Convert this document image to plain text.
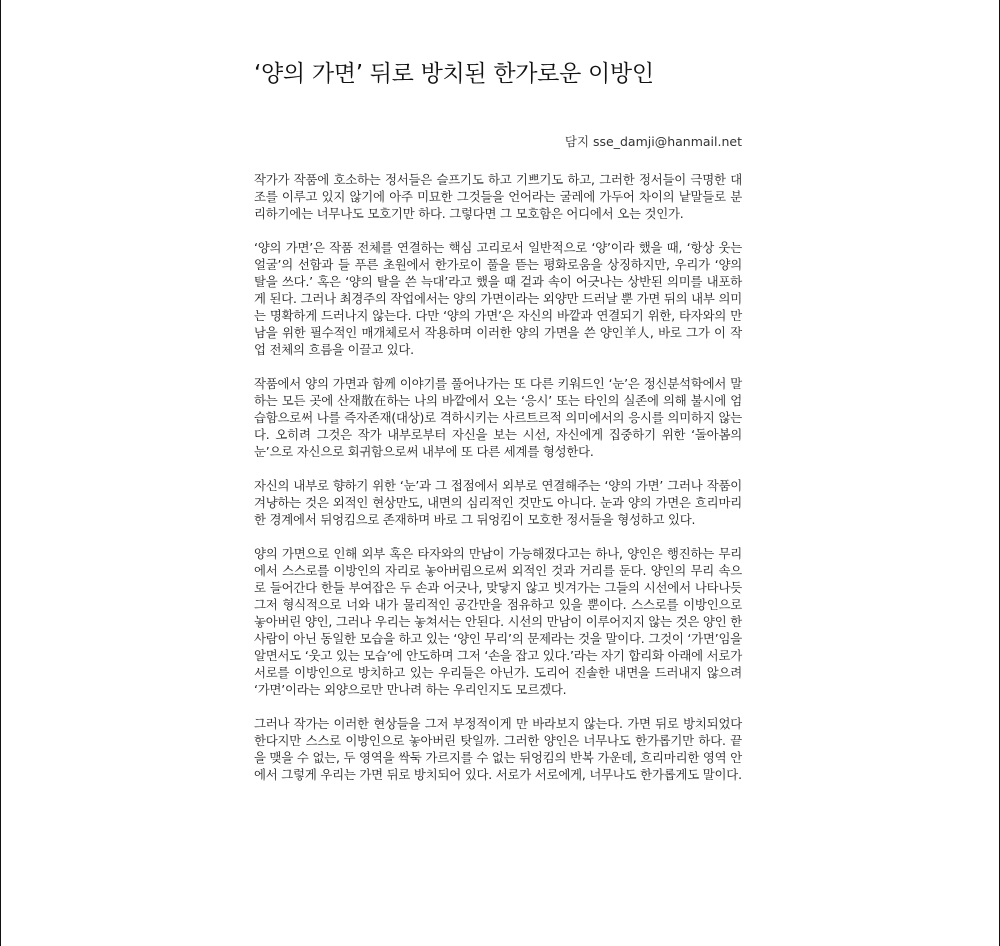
‘양의 가면’ 뒤로 방치된 한가로운 이방인
담지 sse_damji@hanmail.net

작가가 작품에 호소하는 정서들은 슬프기도 하고 기쁘기도 하고, 그러한 정서들이 극명한 대조를 이루고 있지 않기에 아주 미묘한 그것들을 언어라는 굴레에 가두어 차이의 낱말들로 분리하기에는 너무나도 모호기만 하다. 그렇다면 그 모호함은 어디에서 오는 것인가.

‘양의 가면’은 작품 전체를 연결하는 핵심 고리로서 일반적으로 ‘양’이라 했을 때, ‘항상 웃는 얼굴’의 선함과 들 푸른 초원에서 한가로이 풀을 뜯는 평화로움을 상징하지만, 우리가 ‘양의 탈을 쓰다.’ 혹은 ‘양의 탈을 쓴 늑대’라고 했을 때 겉과 속이 어긋나는 상반된 의미를 내포하게 된다. 그러나 최경주의 작업에서는 양의 가면이라는 외양만 드러날 뿐 가면 뒤의 내부 의미는 명확하게 드러나지 않는다. 다만 ‘양의 가면’은 자신의 바깥과 연결되기 위한, 타자와의 만남을 위한 필수적인 매개체로서 작용하며 이러한 양의 가면을 쓴 양인羊人, 바로 그가 이 작업 전체의 흐름을 이끌고 있다.

작품에서 양의 가면과 함께 이야기를 풀어나가는 또 다른 키워드인 ‘눈’은 정신분석학에서 말하는 모든 곳에 산재散在하는 나의 바깥에서 오는 ‘응시’ 또는 타인의 실존에 의해 불시에 엄습함으로써 나를 즉자존재(대상)로 격하시키는 사르트르적 의미에서의 응시를 의미하지 않는다. 오히려 그것은 작가 내부로부터 자신을 보는 시선, 자신에게 집중하기 위한 ‘돌아봄의 눈’으로 자신으로 회귀함으로써 내부에 또 다른 세계를 형성한다.

자신의 내부로 향하기 위한 ‘눈’과 그 접점에서 외부로 연결해주는 ‘양의 가면’ 그러나 작품이 겨냥하는 것은 외적인 현상만도, 내면의 심리적인 것만도 아니다. 눈과 양의 가면은 흐리마리한 경계에서 뒤엉킴으로 존재하며 바로 그 뒤엉킴이 모호한 정서들을 형성하고 있다.

양의 가면으로 인해 외부 혹은 타자와의 만남이 가능해졌다고는 하나, 양인은 행진하는 무리에서 스스로를 이방인의 자리로 놓아버림으로써 외적인 것과 거리를 둔다. 양인의 무리 속으로 들어간다 한들 부여잡은 두 손과 어긋나, 맞닿지 않고 빗겨가는 그들의 시선에서 나타나듯 그저 형식적으로 너와 내가 물리적인 공간만을 점유하고 있을 뿐이다. 스스로를 이방인으로 놓아버린 양인, 그러나 우리는 놓쳐서는 안된다. 시선의 만남이 이루어지지 않는 것은 양인 한 사람이 아닌 동일한 모습을 하고 있는 ‘양인 무리’의 문제라는 것을 말이다. 그것이 ‘가면’임을 알면서도 ‘웃고 있는 모습’에 안도하며 그저 ‘손을 잡고 있다.’라는 자기 합리화 아래에 서로가 서로를 이방인으로 방치하고 있는 우리들은 아닌가. 도리어 진솔한 내면을 드러내지 않으려 ‘가면’이라는 외양으로만 만나려 하는 우리인지도 모르겠다.

그러나 작가는 이러한 현상들을 그저 부정적이게 만 바라보지 않는다. 가면 뒤로 방치되었다 한다지만 스스로 이방인으로 놓아버린 탓일까. 그러한 양인은 너무나도 한가롭기만 하다. 끝을 맺을 수 없는, 두 영역을 싹둑 가르지를 수 없는 뒤엉킴의 반복 가운데, 흐리마리한 영역 안에서 그렇게 우리는 가면 뒤로 방치되어 있다. 서로가 서로에게, 너무나도 한가롭게도 말이다.
